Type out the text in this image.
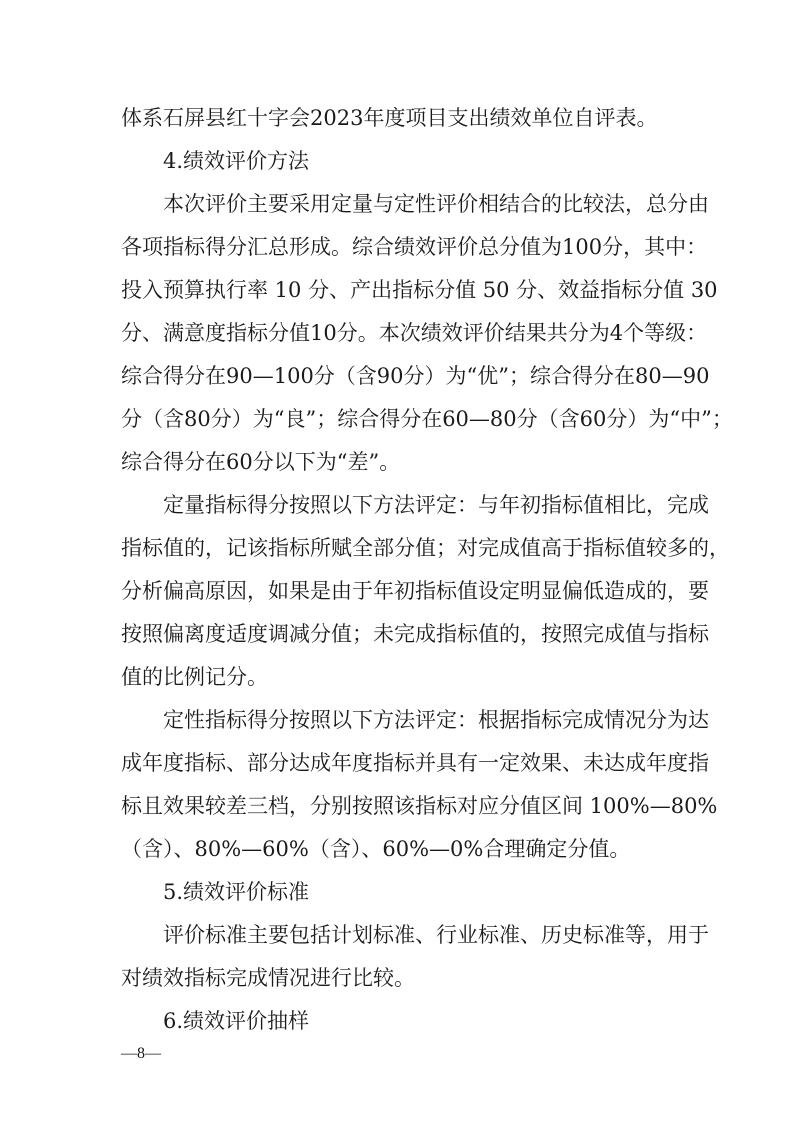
体系石屏县红十字会2023年度项目支出绩效单位自评表。
4.绩效评价方法
本次评价主要采用定量与定性评价相结合的比较法，总分由
各项指标得分汇总形成。综合绩效评价总分值为100分，其中：
投入预算执行率 10 分、产出指标分值 50 分、效益指标分值 30
分、满意度指标分值10分。本次绩效评价结果共分为4个等级：
综合得分在90—100分（含90分）为“优”；综合得分在80—90
分（含80分）为“良”；综合得分在60—80分（含60分）为“中”；
综合得分在60分以下为“差”。
定量指标得分按照以下方法评定：与年初指标值相比，完成
指标值的，记该指标所赋全部分值；对完成值高于指标值较多的，
分析偏高原因，如果是由于年初指标值设定明显偏低造成的，要
按照偏离度适度调减分值；未完成指标值的，按照完成值与指标
值的比例记分。
定性指标得分按照以下方法评定：根据指标完成情况分为达
成年度指标、部分达成年度指标并具有一定效果、未达成年度指
标且效果较差三档，分别按照该指标对应分值区间 100%—80%
（含）、80%—60%（含）、60%—0%合理确定分值。
5.绩效评价标准
评价标准主要包括计划标准、行业标准、历史标准等，用于
对绩效指标完成情况进行比较。
6.绩效评价抽样
—8—
